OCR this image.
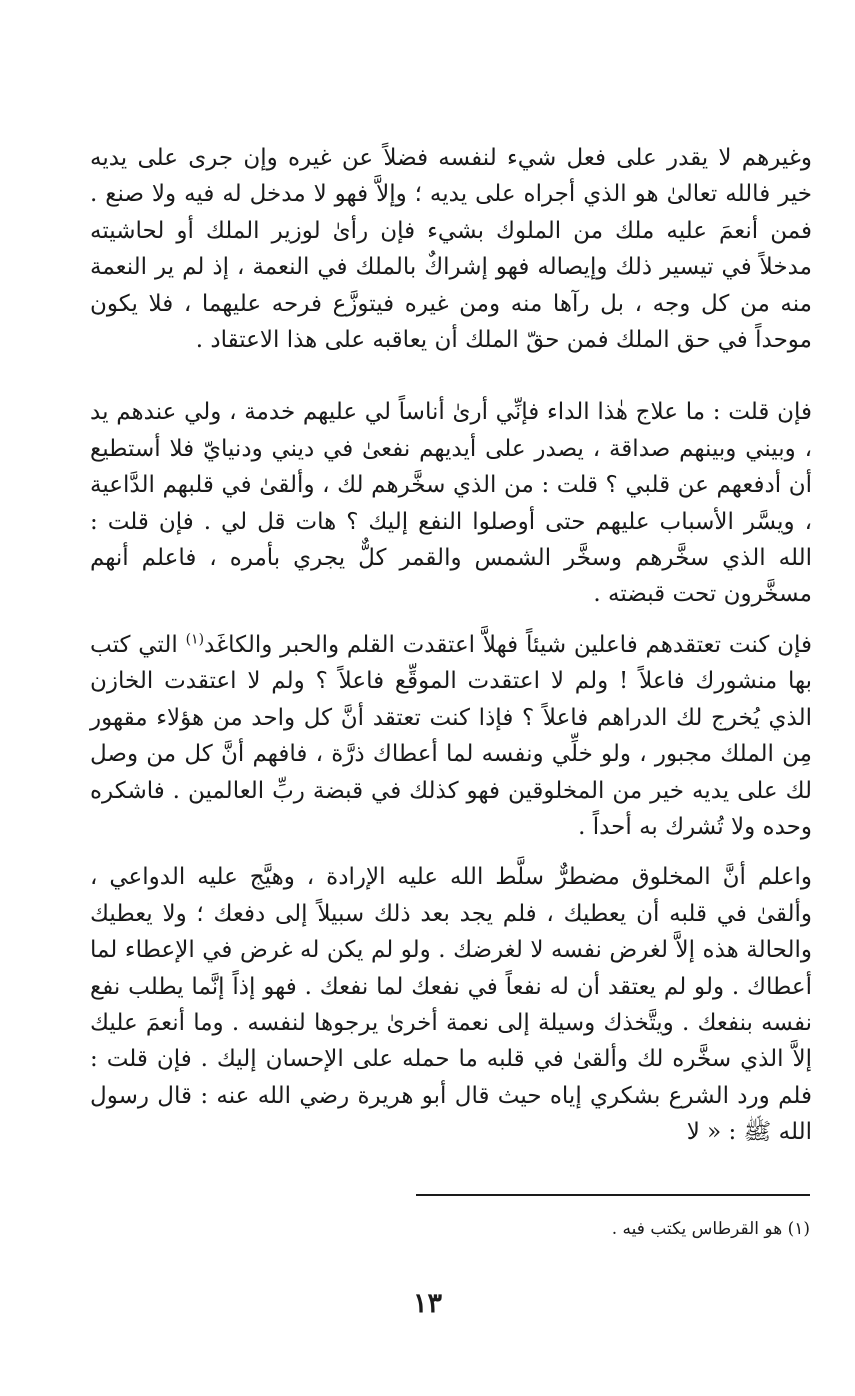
وغيرهم لا يقدر على فعل شيء لنفسه فضلاً عن غيره وإن جرى على يديه خير فالله تعالىٰ هو الذي أجراه على يديه ؛ وإلاَّ فهو لا مدخل له فيه ولا صنع . فمن أنعمَ عليه ملك من الملوك بشيء فإن رأىٰ لوزير الملك أو لحاشيته مدخلاً في تيسير ذلك وإيصاله فهو إشراكٌ بالملك في النعمة ، إذ لم ير النعمة منه من كل وجه ، بل رآها منه ومن غيره فيتوزَّع فرحه عليهما ، فلا يكون موحداً في حق الملك فمن حقّ الملك أن يعاقبه على هذا الاعتقاد .

فإن قلت : ما علاج هٰذا الداء فإنِّي أرىٰ أناساً لي عليهم خدمة ، ولي عندهم يد ، وبيني وبينهم صداقة ، يصدر على أيديهم نفعىٰ في ديني ودنيايّ فلا أستطيع أن أدفعهم عن قلبي ؟ قلت : من الذي سخَّرهم لك ، وألقىٰ في قلبهم الدَّاعية ، ويسَّر الأسباب عليهم حتى أوصلوا النفع إليك ؟ هات قل لي . فإن قلت : الله الذي سخَّرهم وسخَّر الشمس والقمر كلٌّ يجري بأمره ، فاعلم أنهم مسخَّرون تحت قبضته .

فإن كنت تعتقدهم فاعلين شيئاً فهلاَّ اعتقدت القلم والحبر والكاغَد$^{(١)}$ التي كتب بها منشورك فاعلاً ! ولم لا اعتقدت الموقِّع فاعلاً ؟ ولم لا اعتقدت الخازن الذي يُخرج لك الدراهم فاعلاً ؟ فإذا كنت تعتقد أنَّ كل واحد من هؤلاء مقهور مِن الملك مجبور ، ولو خلِّي ونفسه لما أعطاك ذرَّة ، فافهم أنَّ كل من وصل لك على يديه خير من المخلوقين فهو كذلك في قبضة ربِّ العالمين . فاشكره وحده ولا تُشرك به أحداً .

واعلم أنَّ المخلوق مضطرٌّ سلَّط الله عليه الإرادة ، وهيَّج عليه الدواعي ، وألقىٰ في قلبه أن يعطيك ، فلم يجد بعد ذلك سبيلاً إلى دفعك ؛ ولا يعطيك والحالة هذه إلاَّ لغرض نفسه لا لغرضك . ولو لم يكن له غرض في الإعطاء لما أعطاك . ولو لم يعتقد أن له نفعاً في نفعك لما نفعك . فهو إذاً إنَّما يطلب نفع نفسه بنفعك . ويتَّخذك وسيلة إلى نعمة أخرىٰ يرجوها لنفسه . وما أنعمَ عليك إلاَّ الذي سخَّره لك وألقىٰ في قلبه ما حمله على الإحسان إليك . فإن قلت : فلم ورد الشرع بشكري إياه حيث قال أبو هريرة رضي الله عنه : قال رسول الله ﷺ : « لا

(١) هو القرطاس يكتب فيه .
١٣
